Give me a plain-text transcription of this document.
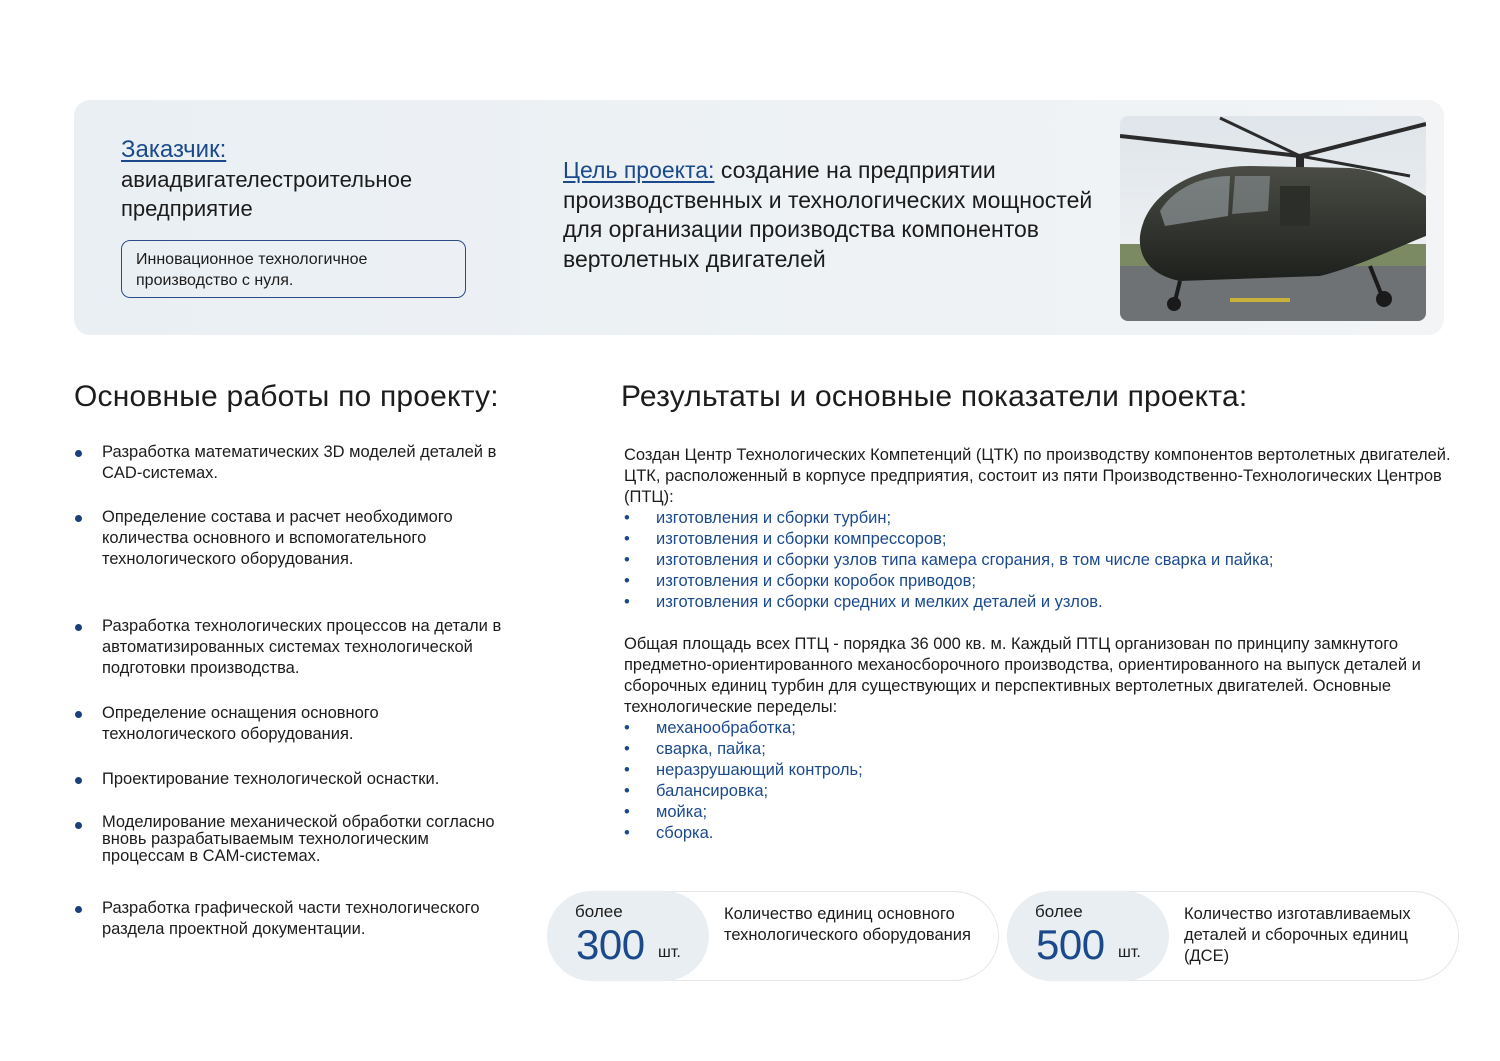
Заказчик:
авиадвигателестроительное предприятие
Инновационное технологичное производство с нуля.
Цель проекта: создание на предприятии производственных и технологических мощностей для организации производства компонентов вертолетных двигателей
Основные работы по проекту:	Результаты и основные показатели проекта:
Разработка математических 3D моделей деталей в CAD-системах.
Определение состава и расчет необходимого количества основного и вспомогательного технологического оборудования.
Разработка технологических процессов на детали в автоматизированных системах технологической подготовки производства.
Определение оснащения основного технологического оборудования.
Проектирование технологической оснастки.
Моделирование механической обработки согласно вновь разрабатываемым технологическим процессам в CAM-системах.
Разработка графической части технологического раздела проектной документации.

Создан Центр Технологических Компетенций (ЦТК) по производству компонентов вертолетных двигателей. ЦТК, расположенный в корпусе предприятия, состоит из пяти Производственно-Технологических Центров (ПТЦ):

• изготовления и сборки турбин;
• изготовления и сборки компрессоров;
• изготовления и сборки узлов типа камера сгорания, в том числе сварка и пайка;
• изготовления и сборки коробок приводов;
• изготовления и сборки средних и мелких деталей и узлов.

Общая площадь всех ПТЦ - порядка 36 000 кв. м. Каждый ПТЦ организован по принципу замкнутого предметно-ориентированного механосборочного производства, ориентированного на выпуск деталей и сборочных единиц турбин для существующих и перспективных вертолетных двигателей. Основные технологические переделы:

• механообработка;
• сварка, пайка;
• неразрушающий контроль;
• балансировка;
• мойка;
• сборка.
более
300 шт.
Количество единиц основного технологического оборудования
более
500 шт.
Количество изготавливаемых деталей и сборочных единиц (ДСЕ)
